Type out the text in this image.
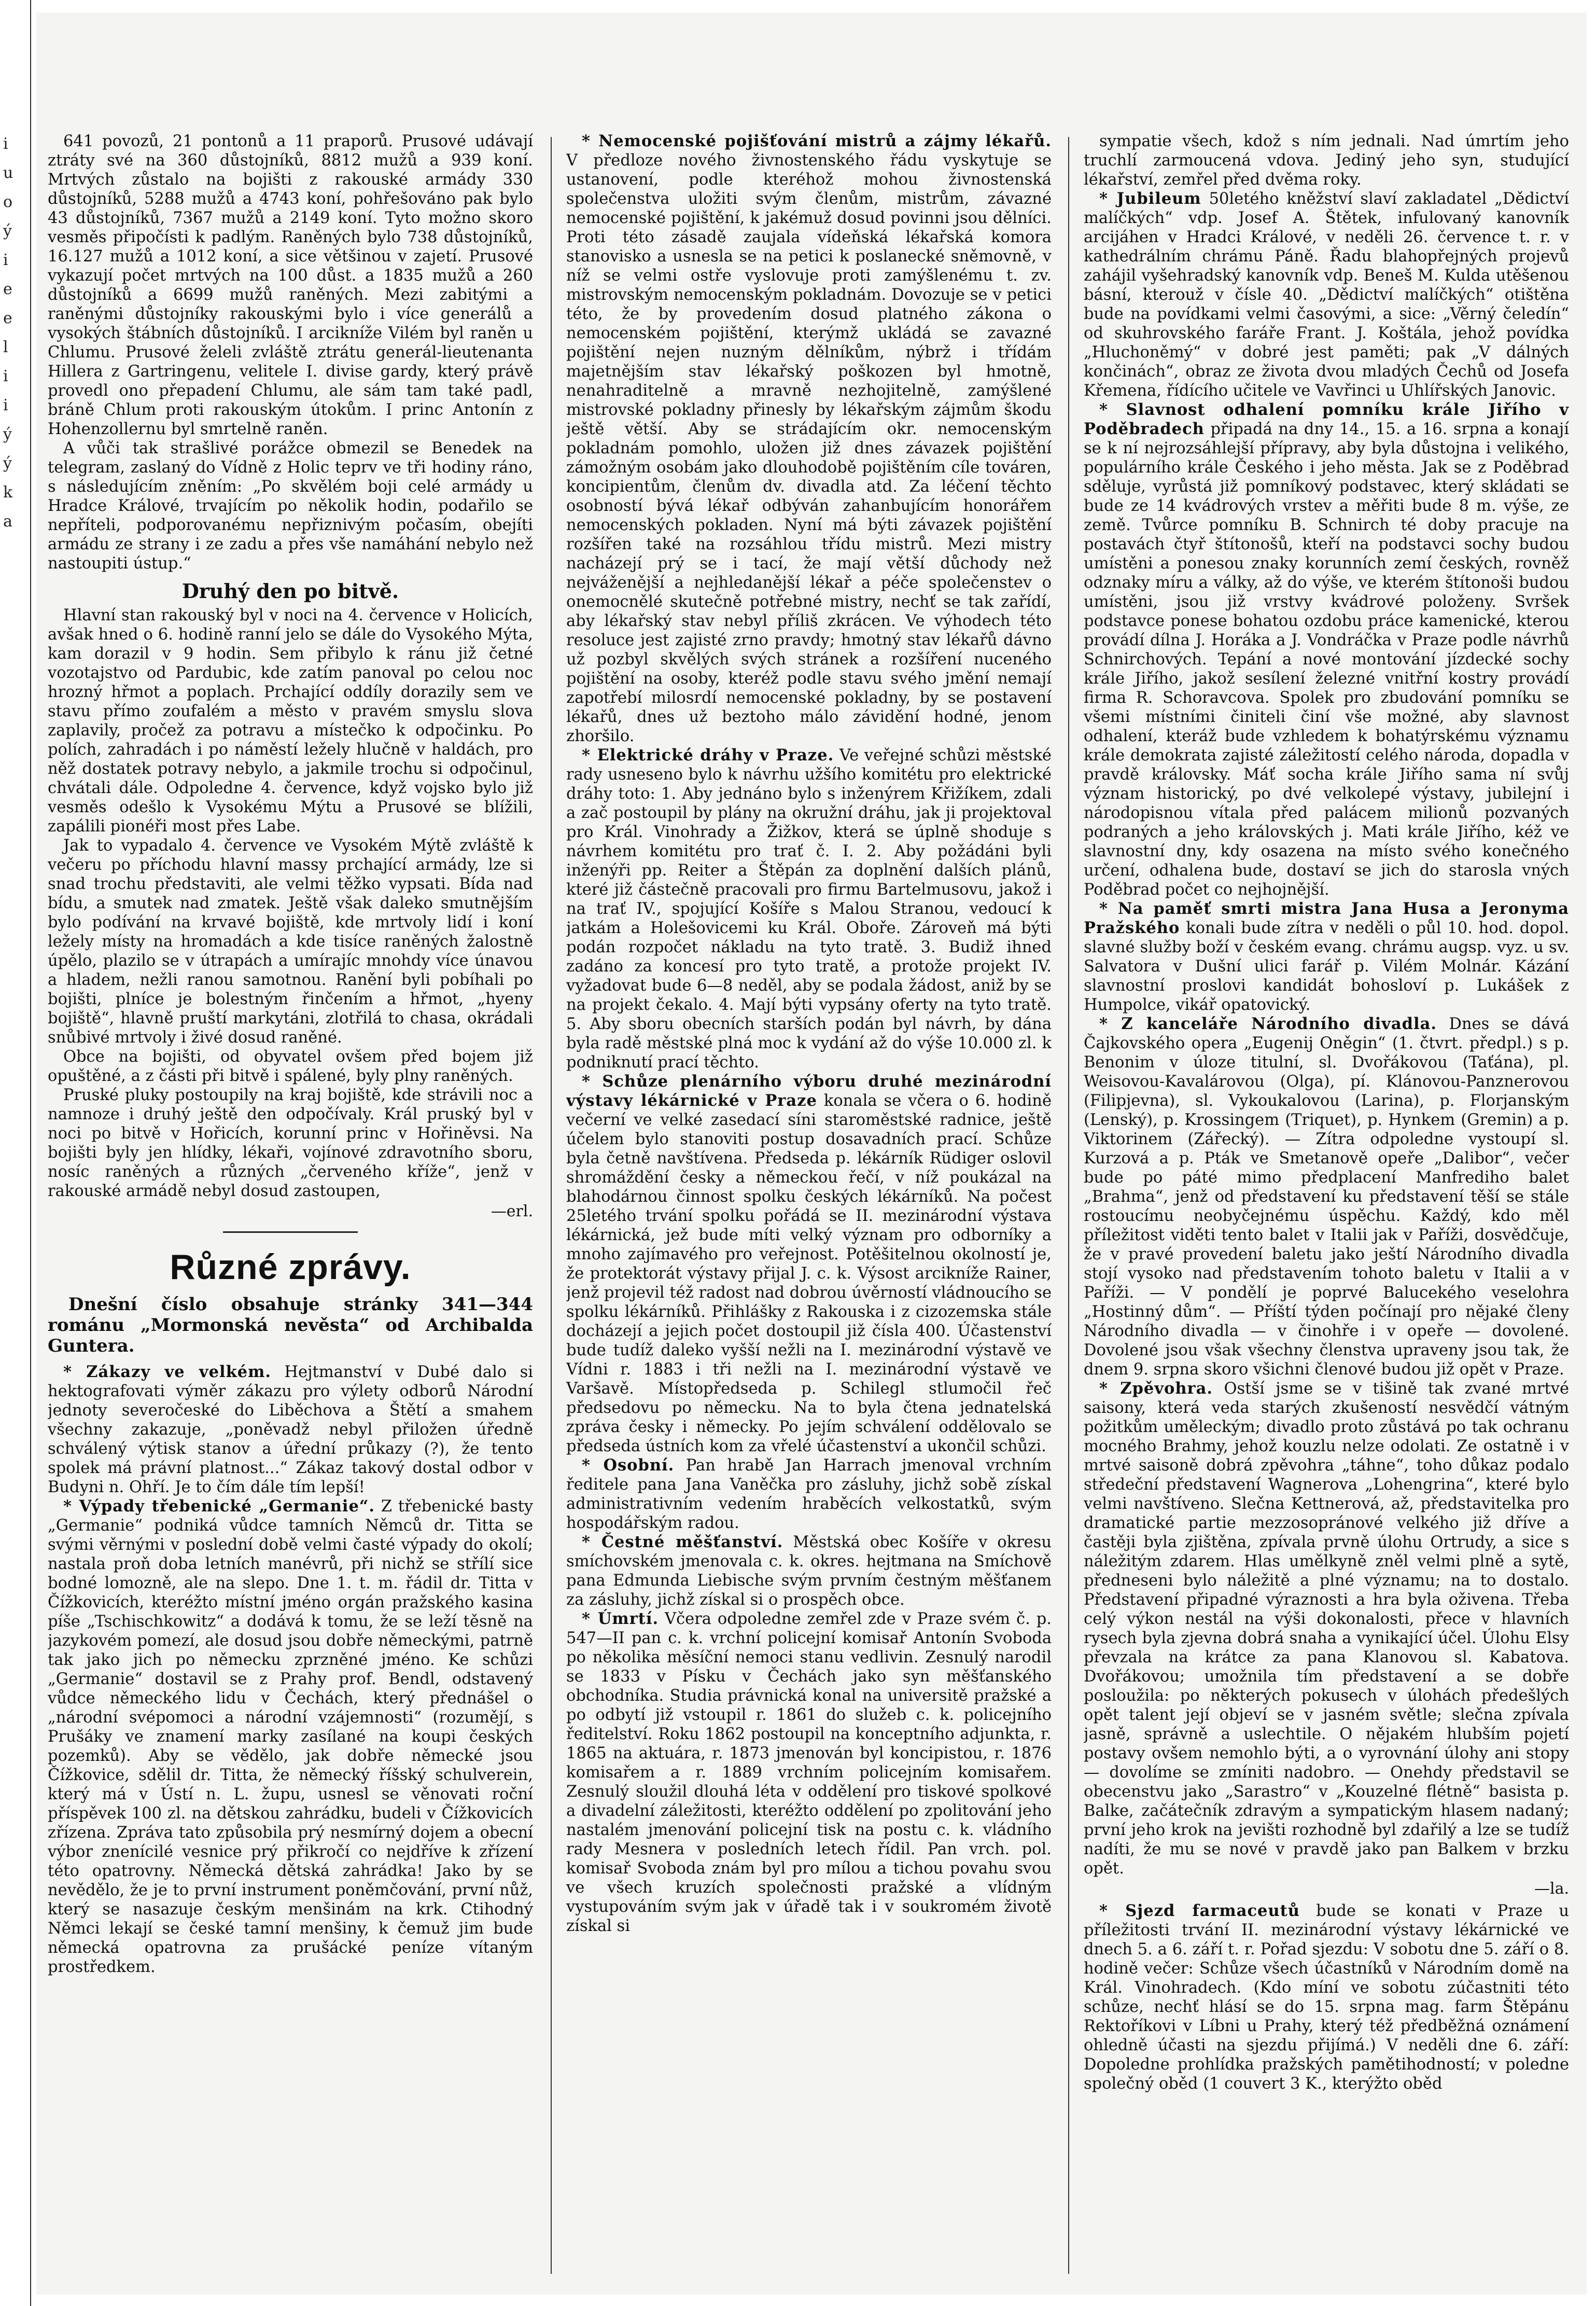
i
u
o
ý
i
e
e
l
i
i
ý
ý
k
a

641 povozů, 21 pontonů a 11 praporů. Prusové udávají ztráty své na 360 důstojníků, 8812 mužů a 939 koní. Mrtvých zůstalo na bojišti z rakouské armády 330 důstojníků, 5288 mužů a 4743 koní, pohřešováno pak bylo 43 důstojníků, 7367 mužů a 2149 koní. Tyto možno skoro vesměs připočísti k padlým. Raněných bylo 738 důstojníků, 16.127 mužů a 1012 koní, a sice většinou v zajetí. Prusové vykazují počet mrtvých na 100 důst. a 1835 mužů a 260 důstojníků a 6699 mužů raněných. Mezi zabitými a raněnými důstojníky rakouskými bylo i více generálů a vysokých štábních důstojníků. I arcikníže Vilém byl raněn u Chlumu. Prusové želeli zvláště ztrátu generál-lieutenanta Hillera z Gartringenu, velitele I. divise gardy, který právě provedl ono přepadení Chlumu, ale sám tam také padl, bráně Chlum proti rakouským útokům. I princ Antonín z Hohenzollernu byl smrtelně raněn.

A vůči tak strašlivé porážce obmezil se Benedek na telegram, zaslaný do Vídně z Holic teprv ve tři hodiny ráno, s následujícím zněním: „Po skvělém boji celé armády u Hradce Králové, trvajícím po několik hodin, podařilo se nepříteli, podporovanému nepřiznivým počasím, obejíti armádu ze strany i ze zadu a přes vše namáhání nebylo než nastoupiti ústup.“

Druhý den po bitvě.

Hlavní stan rakouský byl v noci na 4. července v Holicích, avšak hned o 6. hodině ranní jelo se dále do Vysokého Mýta, kam dorazil v 9 hodin. Sem přibylo k ránu již četné vozotajstvo od Pardubic, kde zatím panoval po celou noc hrozný hřmot a poplach. Prchající oddíly dorazily sem ve stavu přímo zoufalém a město v pravém smyslu slova zaplavily, pročež za potravu a místečko k odpočinku. Po polích, zahradách i po náměstí ležely hlučně v haldách, pro něž dostatek potravy nebylo, a jakmile trochu si odpočinul, chvátali dále. Odpoledne 4. července, když vojsko bylo již vesměs odešlo k Vysokému Mýtu a Prusové se blížili, zapálili pionéři most přes Labe.

Jak to vypadalo 4. července ve Vysokém Mýtě zvláště k večeru po příchodu hlavní massy prchající armády, lze si snad trochu představiti, ale velmi těžko vypsati. Bída nad bídu, a smutek nad zmatek. Ještě však daleko smutnějším bylo podívání na krvavé bojiště, kde mrtvoly lidí i koní ležely místy na hromadách a kde tisíce raněných žalostně úpělo, plazilo se v útrapách a umírajíc mnohdy více únavou a hladem, nežli ranou samotnou. Ranění byli pobíhali po bojišti, plníce je bolestným řinčením a hřmot, „hyeny bojiště“, hlavně pruští markytáni, zlotřilá to chasa, okrádali snůbivé mrtvoly i živé dosud raněné.

Obce na bojišti, od obyvatel ovšem před bojem již opuštěné, a z části při bitvě i spálené, byly plny raněných.

Pruské pluky postoupily na kraj bojiště, kde strávili noc a namnoze i druhý ještě den odpočívaly. Král pruský byl v noci po bitvě v Hořicích, korunní princ v Hořiněvsi. Na bojišti byly jen hlídky, lékaři, vojínové zdravotního sboru, nosíc raněných a různých „červeného kříže“, jenž v rakouské armádě nebyl dosud zastoupen,

—erl.
Různé zprávy.

Dnešní číslo obsahuje stránky 341—344 románu „Mormonská nevěsta“ od Archibalda Guntera.

* Zákazy ve velkém. Hejtmanství v Dubé dalo si hektografovati výměr zákazu pro výlety odborů Národní jednoty severočeské do Liběchova a Štětí a smahem všechny zakazuje, „poněvadž nebyl přiložen úředně schválený výtisk stanov a úřední průkazy (?), že tento spolek má právní platnost...“ Zákaz takový dostal odbor v Budyni n. Ohří. Je to čím dále tím lepší!

* Výpady třebenické „Germanie“. Z třebenické basty „Germanie“ podniká vůdce tamních Němců dr. Titta se svými věrnými v poslední době velmi časté výpady do okolí; nastala proň doba letních manévrů, při nichž se střílí sice bodné lomozně, ale na slepo. Dne 1. t. m. řádil dr. Titta v Čížkovicích, kteréžto místní jméno orgán pražského kasina píše „Tschischkowitz“ a dodává k tomu, že se leží těsně na jazykovém pomezí, ale dosud jsou dobře německými, patrně tak jako jich po německu zprzněné jméno. Ke schůzi „Germanie“ dostavil se z Prahy prof. Bendl, odstavený vůdce německého lidu v Čechách, který přednášel o „národní svépomoci a národní vzájemnosti“ (rozumějí, s Prušáky ve znamení marky zasílané na koupi českých pozemků). Aby se vědělo, jak dobře německé jsou Čížkovice, sdělil dr. Titta, že německý říšský schulverein, který má v Ústí n. L. župu, usnesl se věnovati roční příspěvek 100 zl. na dětskou zahrádku, budeli v Čížkovicích zřízena. Zpráva tato způsobila prý nesmírný dojem a obecní výbor znenícilé vesnice prý přikročí co nejdříve k zřízení této opatrovny. Německá dětská zahrádka! Jako by se nevědělo, že je to první instrument poněmčování, první nůž, který se nasazuje českým menšinám na krk. Ctihodný Němci lekají se české tamní menšiny, k čemuž jim bude německá opatrovna za prušácké peníze vítaným prostředkem.

* Nemocenské pojišťování mistrů a zájmy lékařů. V předloze nového živnostenského řádu vyskytuje se ustanovení, podle kteréhož mohou živnostenská společenstva uložiti svým členům, mistrům, závazné nemocenské pojištění, k jakémuž dosud povinni jsou dělníci. Proti této zásadě zaujala vídeňská lékařská komora stanovisko a usnesla se na petici k poslanecké sněmovně, v níž se velmi ostře vyslovuje proti zamýšlenému t. zv. mistrovským nemocenským pokladnám. Dovozuje se v petici této, že by provedením dosud platného zákona o nemocenském pojištění, kterýmž ukládá se zavazné pojištění nejen nuzným dělníkům, nýbrž i třídám majetnějším stav lékařský poškozen byl hmotně, nenahraditelně a mravně nezhojitelně, zamýšlené mistrovské pokladny přinesly by lékařským zájmům škodu ještě větší. Aby se strádajícím okr. nemocenským pokladnám pomohlo, uložen již dnes závazek pojištění zámožným osobám jako dlouhodobě pojištěním cíle továren, koncipientům, členům dv. divadla atd. Za léčení těchto osobností bývá lékař odbýván zahanbujícím honorářem nemocenských pokladen. Nyní má býti závazek pojištění rozšířen také na rozsáhlou třídu mistrů. Mezi mistry nacházejí prý se i tací, že mají větší důchody než nejváženější a nejhledanější lékař a péče společenstev o onemocnělé skutečně potřebné mistry, nechť se tak zařídí, aby lékařský stav nebyl příliš zkrácen. Ve výhodech této resoluce jest zajisté zrno pravdy; hmotný stav lékařů dávno už pozbyl skvělých svých stránek a rozšíření nuceného pojištění na osoby, kteréž podle stavu svého jmění nemají zapotřebí milosrdí nemocenské pokladny, by se postavení lékařů, dnes už beztoho málo závidění hodné, jenom zhoršilo.

* Elektrické dráhy v Praze. Ve veřejné schůzi městské rady usneseno bylo k návrhu užšího komitétu pro elektrické dráhy toto: 1. Aby jednáno bylo s inženýrem Křižíkem, zdali a zač postoupil by plány na okružní dráhu, jak ji projektoval pro Král. Vinohrady a Žižkov, která se úplně shoduje s návrhem komitétu pro trať č. I. 2. Aby požádáni byli inženýři pp. Reiter a Štěpán za doplnění dalších plánů, které již částečně pracovali pro firmu Bartelmusovu, jakož i na trať IV., spojující Košíře s Malou Stranou, vedoucí k jatkám a Holešovicemi ku Král. Oboře. Zároveň má býti podán rozpočet nákladu na tyto tratě. 3. Budiž ihned zadáno za koncesí pro tyto tratě, a protože projekt IV. vyžadovat bude 6—8 neděl, aby se podala žádost, aniž by se na projekt čekalo. 4. Mají býti vypsány oferty na tyto tratě. 5. Aby sboru obecních starších podán byl návrh, by dána byla radě městské plná moc k vydání až do výše 10.000 zl. k podniknutí prací těchto.

* Schůze plenárního výboru druhé mezinárodní výstavy lékárnické v Praze konala se včera o 6. hodině večerní ve velké zasedací síni staroměstské radnice, ještě účelem bylo stanoviti postup dosavadních prací. Schůze byla četně navštívena. Předseda p. lékárník Rüdiger oslovil shromáždění česky a německou řečí, v níž poukázal na blahodárnou činnost spolku českých lékárníků. Na počest 25letého trvání spolku pořádá se II. mezinárodní výstava lékárnická, jež bude míti velký význam pro odborníky a mnoho zajímavého pro veřejnost. Potěšitelnou okolností je, že protektorát výstavy přijal J. c. k. Výsost arcikníže Rainer, jenž projevil též radost nad dobrou úvěrností vládnoucího se spolku lékárníků. Přihlášky z Rakouska i z cizozemska stále docházejí a jejich počet dostoupil již čísla 400. Účastenství bude tudíž daleko vyšší nežli na I. mezinárodní výstavě ve Vídni r. 1883 i tři nežli na I. mezinárodní výstavě ve Varšavě. Místopředseda p. Schilegl stlumočil řeč předsedovu po německu. Na to byla čtena jednatelská zpráva česky i německy. Po jejím schválení oddělovalo se předseda ústních kom za vřelé účastenství a ukončil schůzi.

* Osobní. Pan hrabě Jan Harrach jmenoval vrchním ředitele pana Jana Vaněčka pro zásluhy, jichž sobě získal administrativním vedením hraběcích velkostatků, svým hospodářským radou.

* Čestné měšťanství. Městská obec Košíře v okresu smíchovském jmenovala c. k. okres. hejtmana na Smíchově pana Edmunda Liebische svým prvním čestným měšťanem za zásluhy, jichž získal si o prospěch obce.

* Úmrtí. Včera odpoledne zemřel zde v Praze svém č. p. 547—II pan c. k. vrchní policejní komisař Antonín Svoboda po několika měsíční nemoci stanu vedlivin. Zesnulý narodil se 1833 v Písku v Čechách jako syn měšťanského obchodníka. Studia právnická konal na universitě pražské a po odbytí již vstoupil r. 1861 do služeb c. k. policejního ředitelství. Roku 1862 postoupil na konceptního adjunkta, r. 1865 na aktuára, r. 1873 jmenován byl koncipistou, r. 1876 komisařem a r. 1889 vrchním policejním komisařem. Zesnulý sloužil dlouhá léta v oddělení pro tiskové spolkové a divadelní záležitosti, kteréžto oddělení po zpolitování jeho nastalém jmenování policejní tisk na postu c. k. vládního rady Mesnera v posledních letech řídil. Pan vrch. pol. komisař Svoboda znám byl pro mílou a tichou povahu svou ve všech kruzích společnosti pražské a vlídným vystupováním svým jak v úřadě tak i v soukromém životě získal si

sympatie všech, kdož s ním jednali. Nad úmrtím jeho truchlí zarmoucená vdova. Jediný jeho syn, studující lékařství, zemřel před dvěma roky.

* Jubileum 50letého kněžství slaví zakladatel „Dědictví malíčkých“ vdp. Josef A. Štětek, infulovaný kanovník arcijáhen v Hradci Králové, v neděli 26. července t. r. v kathedrálním chrámu Páně. Řadu blahopřejných projevů zahájil vyšehradský kanovník vdp. Beneš M. Kulda utěšenou básní, kterouž v čísle 40. „Dědictví malíčkých“ otištěna bude na povídkami velmi časovými, a sice: „Věrný čeledín“ od skuhrovského faráře Frant. J. Koštála, jehož povídka „Hluchoněmý“ v dobré jest paměti; pak „V dálných končinách“, obraz ze života dvou mladých Čechů od Josefa Křemena, řídícího učitele ve Vavřinci u Uhlířských Janovic.

* Slavnost odhalení pomníku krále Jiřího v Poděbradech připadá na dny 14., 15. a 16. srpna a konají se k ní nejrozsáhlejší přípravy, aby byla důstojna i velikého, populárního krále Českého i jeho města. Jak se z Poděbrad sděluje, vyrůstá již pomníkový podstavec, který skládati se bude ze 14 kvádrových vrstev a měřiti bude 8 m. výše, ze země. Tvůrce pomníku B. Schnirch té doby pracuje na postavách čtyř štítonošů, kteří na podstavci sochy budou umístěni a ponesou znaky korunních zemí českých, rovněž odznaky míru a války, až do výše, ve kterém štítonoši budou umístěni, jsou již vrstvy kvádrové položeny. Svršek podstavce ponese bohatou ozdobu práce kamenické, kterou provádí dílna J. Horáka a J. Vondráčka v Praze podle návrhů Schnirchových. Tepání a nové montování jízdecké sochy krále Jiřího, jakož sesílení železné vnitřní kostry provádí firma R. Schoravcova. Spolek pro zbudování pomníku se všemi místními činiteli činí vše možné, aby slavnost odhalení, kteráž bude vzhledem k bohatýrskému významu krále demokrata zajisté záležitostí celého národa, dopadla v pravdě královsky. Máť socha krále Jiřího sama ní svůj význam historický, po dvé velkolepé výstavy, jubilejní i národopisnou vítala před palácem milionů pozvaných podraných a jeho královských j. Mati krále Jiřího, kéž ve slavnostní dny, kdy osazena na místo svého konečného určení, odhalena bude, dostaví se jich do starosla vných Poděbrad počet co nejhojnější.

* Na paměť smrti mistra Jana Husa a Jeronyma Pražského konali bude zítra v neděli o půl 10. hod. dopol. slavné služby boží v českém evang. chrámu augsp. vyz. u sv. Salvatora v Dušní ulici farář p. Vilém Molnár. Kázání slavnostní proslovi kandidát bohosloví p. Lukášek z Humpolce, vikář opatovický.

* Z kanceláře Národního divadla. Dnes se dává Čajkovského opera „Eugenij Oněgin“ (1. čtvrt. předpl.) s p. Benonim v úloze titulní, sl. Dvořákovou (Taťána), pl. Weisovou-Kavalárovou (Olga), pí. Klánovou-Panznerovou (Filipjevna), sl. Vykoukalovou (Larina), p. Florjanským (Lenský), p. Krossingem (Triquet), p. Hynkem (Gremin) a p. Viktorinem (Zářecký). — Zítra odpoledne vystoupí sl. Kurzová a p. Pták ve Smetanově opeře „Dalibor“, večer bude po páté mimo předplacení Manfrediho balet „Brahma“, jenž od představení ku představení těší se stále rostoucímu neobyčejnému úspěchu. Každý, kdo měl příležitost viděti tento balet v Italii jak v Paříži, dosvědčuje, že v pravé provedení baletu jako ještí Národního divadla stojí vysoko nad představením tohoto baletu v Italii a v Paříži. — V pondělí je poprvé Balucekého veselohra „Hostinný dům“. — Příští týden počínají pro nějaké členy Národního divadla — v činohře i v opeře — dovolené. Dovolené jsou však všechny členstva upraveny jsou tak, že dnem 9. srpna skoro všichni členové budou již opět v Praze.

* Zpěvohra. Ostší jsme se v tišině tak zvané mrtvé saisony, která veda starých zkušeností nesvědčí vátným požitkům uměleckým; divadlo proto zůstává po tak ochranu mocného Brahmy, jehož kouzlu nelze odolati. Ze ostatně i v mrtvé saisoně dobrá zpěvohra „táhne“, toho důkaz podalo středeční představení Wagnerova „Lohengrina“, které bylo velmi navštíveno. Slečna Kettnerová, až, představitelka pro dramatické partie mezzosopránové velkého již dříve a častěji byla zjištěna, zpívala prvně úlohu Ortrudy, a sice s náležitým zdarem. Hlas umělkyně zněl velmi plně a sytě, předneseni bylo náležitě a plné významu; na to dostalo. Představení připadné výraznosti a hra byla oživena. Třeba celý výkon nestál na výši dokonalosti, přece v hlavních rysech byla zjevna dobrá snaha a vynikající účel. Úlohu Elsy převzala na krátce za pana Klanovou sl. Kabatova. Dvořákovou; umožnila tím představení a se dobře posloužila: po některých pokusech v úlohách předešlých opět talent její objeví se v jasném světle; slečna zpívala jasně, správně a uslechtile. O nějakém hlubším pojetí postavy ovšem nemohlo býti, a o vyrovnání úlohy ani stopy — dovolíme se zmíniti nadobro. — Onehdy představil se obecenstvu jako „Sarastro“ v „Kouzelné flétně“ basista p. Balke, začátečník zdravým a sympatickým hlasem nadaný; první jeho krok na jevišti rozhodně byl zdařilý a lze se tudíž nadíti, že mu se nové v pravdě jako pan Balkem v brzku opět.

—la.

* Sjezd farmaceutů bude se konati v Praze u příležitosti trvání II. mezinárodní výstavy lékárnické ve dnech 5. a 6. září t. r. Pořad sjezdu: V sobotu dne 5. září o 8. hodině večer: Schůze všech účastníků v Národním domě na Král. Vinohradech. (Kdo míní ve sobotu zúčastniti této schůze, nechť hlásí se do 15. srpna mag. farm Štěpánu Rektoříkovi v Líbni u Prahy, který též předběžná oznámení ohledně účasti na sjezdu přijímá.) V neděli dne 6. září: Dopoledne prohlídka pražských pamětihodností; v poledne společný oběd (1 couvert 3 K., kterýžto oběd
